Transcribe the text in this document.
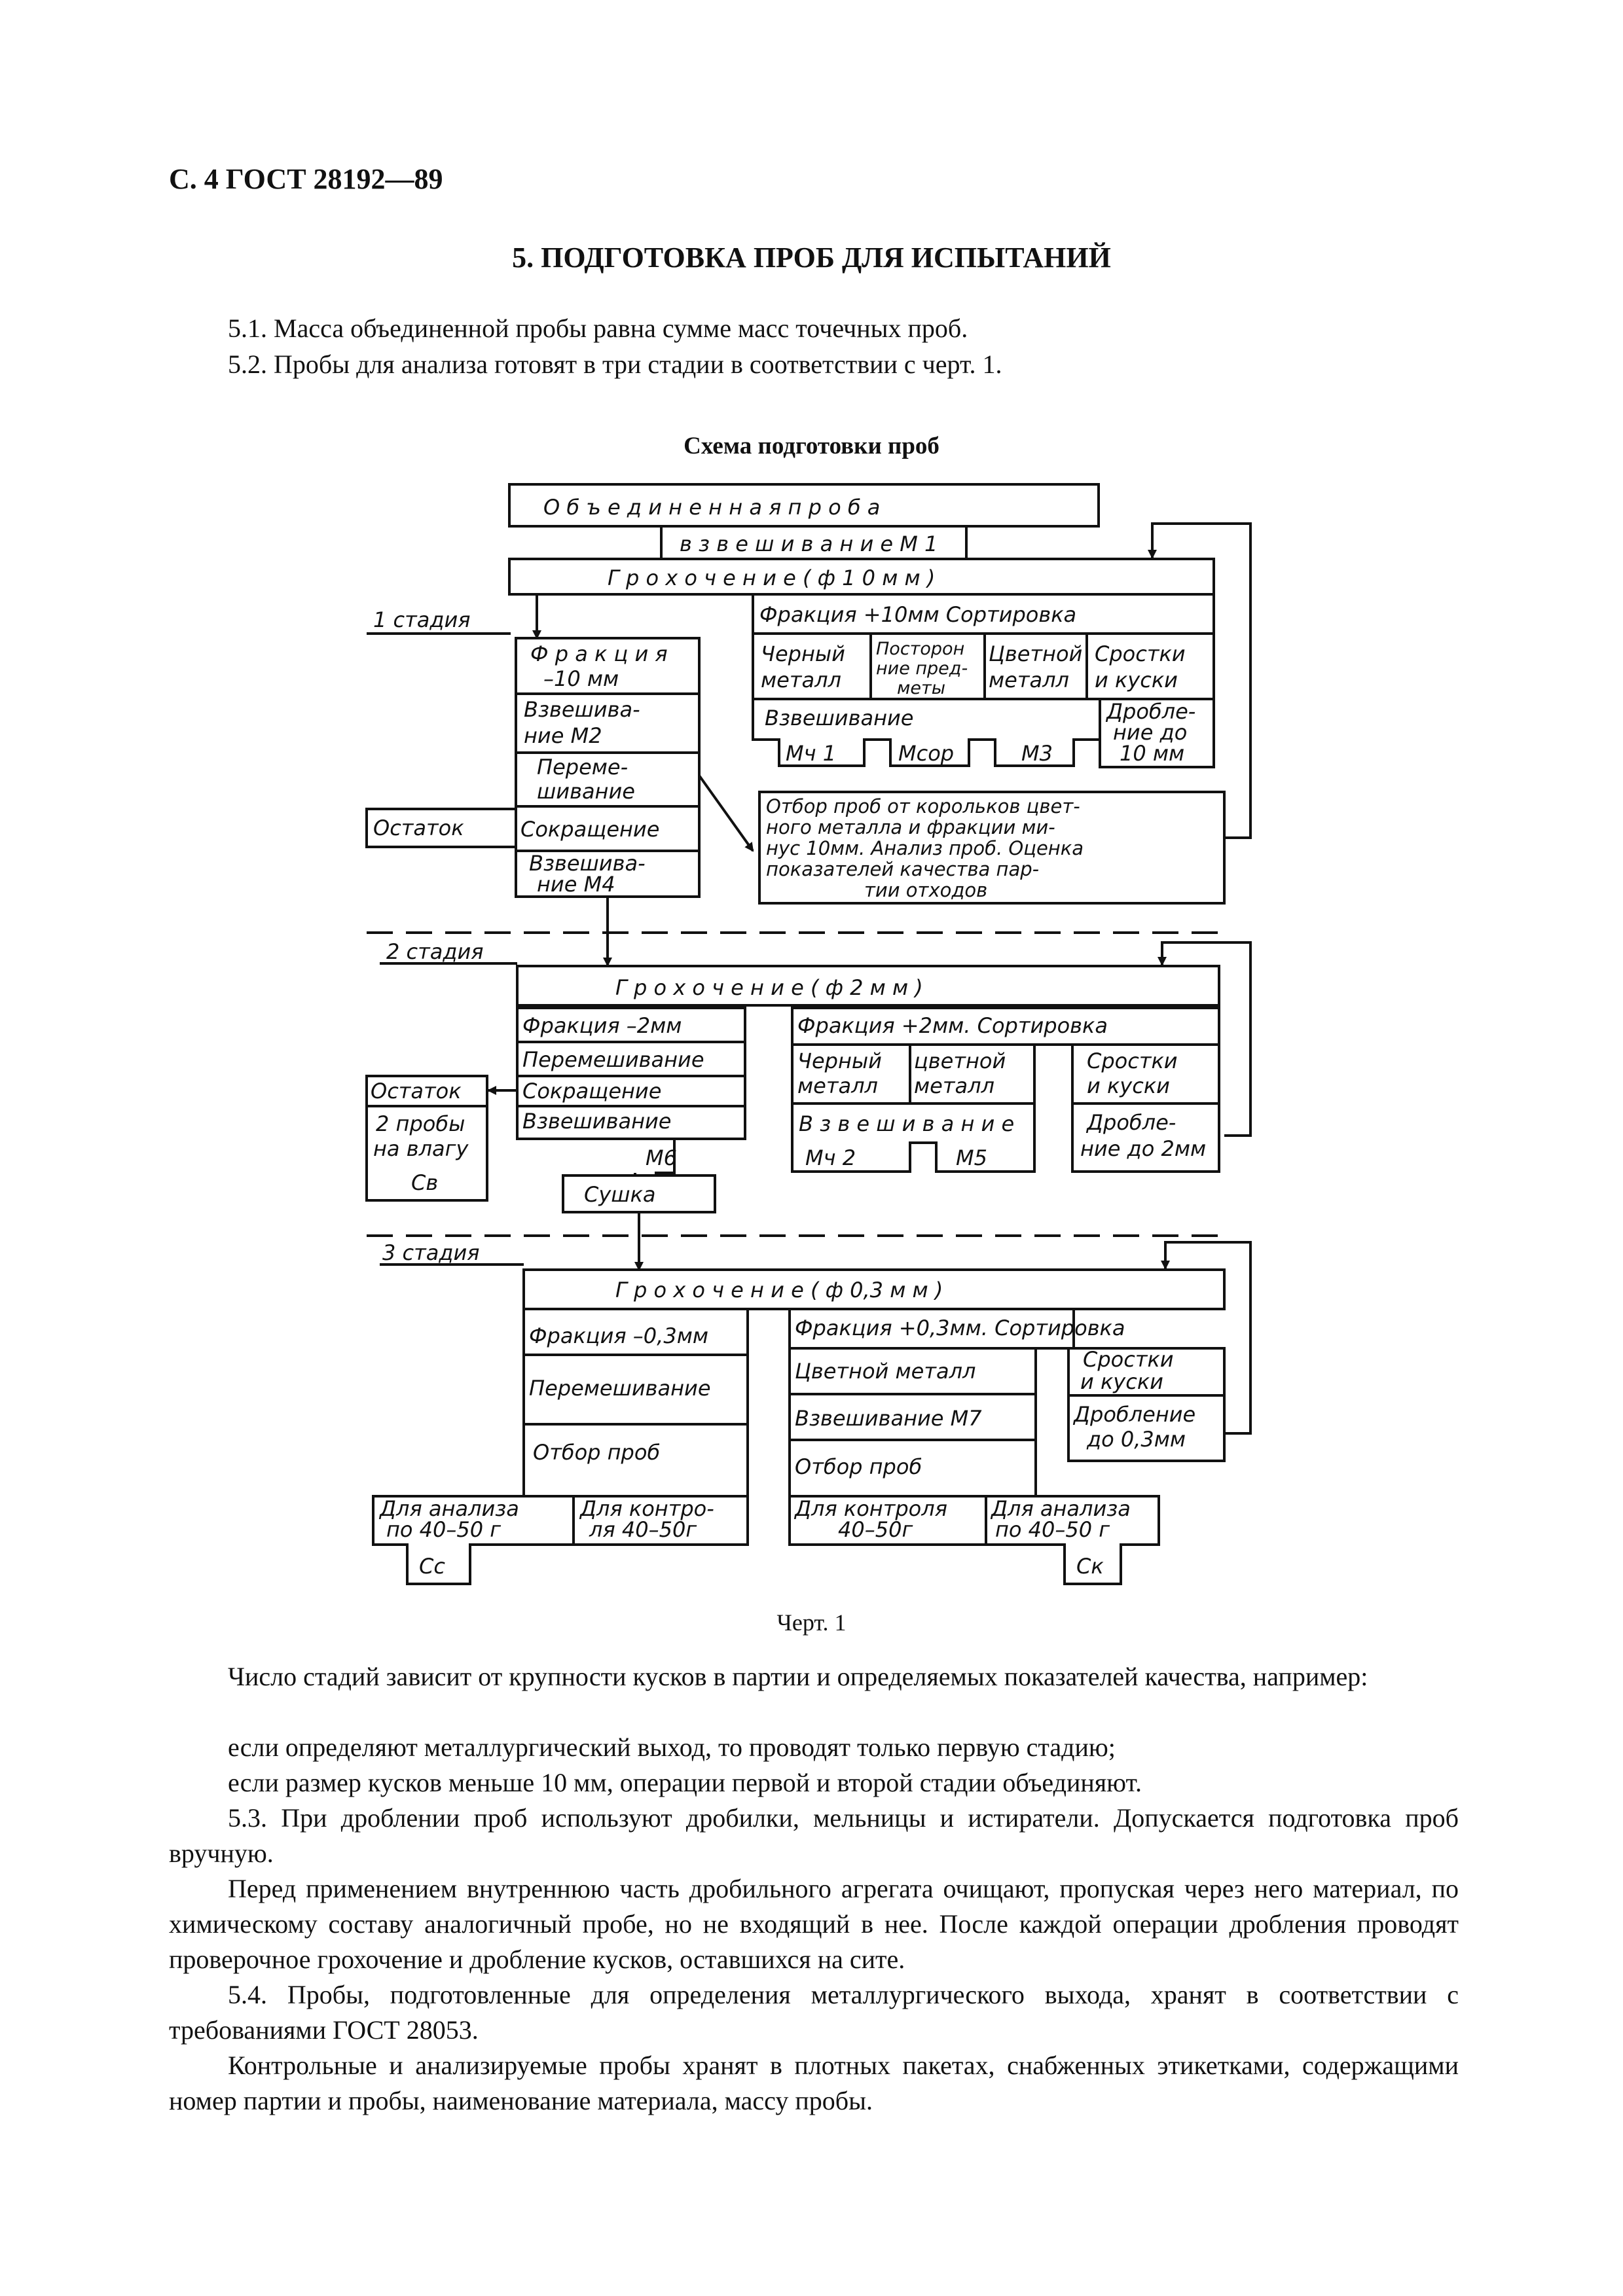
С. 4 ГОСТ 28192—89
5. ПОДГОТОВКА ПРОБ ДЛЯ ИСПЫТАНИЙ

5.1. Масса объединенной пробы равна сумме масс точечных проб.

5.2. Пробы для анализа готовят в три стадии в соответствии с черт. 1.

Схема подготовки проб
О б ъ е д и н е н н а я п р о б а
в з в е ш и в а н и е М 1
Г р о х о ч е н и е ( ф 1 0 м м )
1 стадия
Ф р а к ц и я
–10 мм
Взвешива-
ние М2
Переме-
шивание
Сокращение
Взвешива-
ние М4
Остаток
Фракция +10мм Сортировка
Черный
металл
Посторон
ние пред-
меты
Цветной
металл
Сростки
и куски
Взвешивание
Мч 1	Мсор	М3
Дробле-
ние до
10 мм
Отбор проб от корольков цвет-
ного металла и фракции ми-
нус 10мм. Анализ проб. Оценка
показателей качества пар-
тии отходов
2 стадия
Г р о х о ч е н и е ( ф 2 м м )
Фракция –2мм
Перемешивание
Сокращение
Взвешивание
М6
Остаток
2 пробы
на влагу
Св	Сушка
Фракция +2мм. Сортировка
Черный
металл
цветной
металл
В з в е ш и в а н и е
Мч 2	М5
Сростки
и куски
Дробле-
ние до 2мм
3 стадия
Г р о х о ч е н и е ( ф 0,3 м м )
Фракция –0,3мм
Перемешивание
Отбор проб
Для анализа
по 40–50 г
Для контро-
ля 40–50г
Сс
Фракция +0,3мм. Сортировка
Цветной металл
Взвешивание М7
Отбор проб
Сростки
и куски
Дробление
до 0,3мм
Для контроля
40–50г
Для анализа
по 40–50 г
Ск
Черт. 1

Число стадий зависит от крупности кусков в партии и определяемых показателей качества, например:

если определяют металлургический выход, то проводят только первую стадию;

если размер кусков меньше 10 мм, операции первой и второй стадии объединяют.

5.3. При дроблении проб используют дробилки, мельницы и истиратели. Допускается подготовка проб вручную.

Перед применением внутреннюю часть дробильного агрегата очищают, пропуская через него материал, по химическому составу аналогичный пробе, но не входящий в нее. После каждой операции дробления проводят проверочное грохочение и дробление кусков, оставшихся на сите.

5.4. Пробы, подготовленные для определения металлургического выхода, хранят в соответствии с требованиями ГОСТ 28053.

Контрольные и анализируемые пробы хранят в плотных пакетах, снабженных этикетками, содержащими номер партии и пробы, наименование материала, массу пробы.
